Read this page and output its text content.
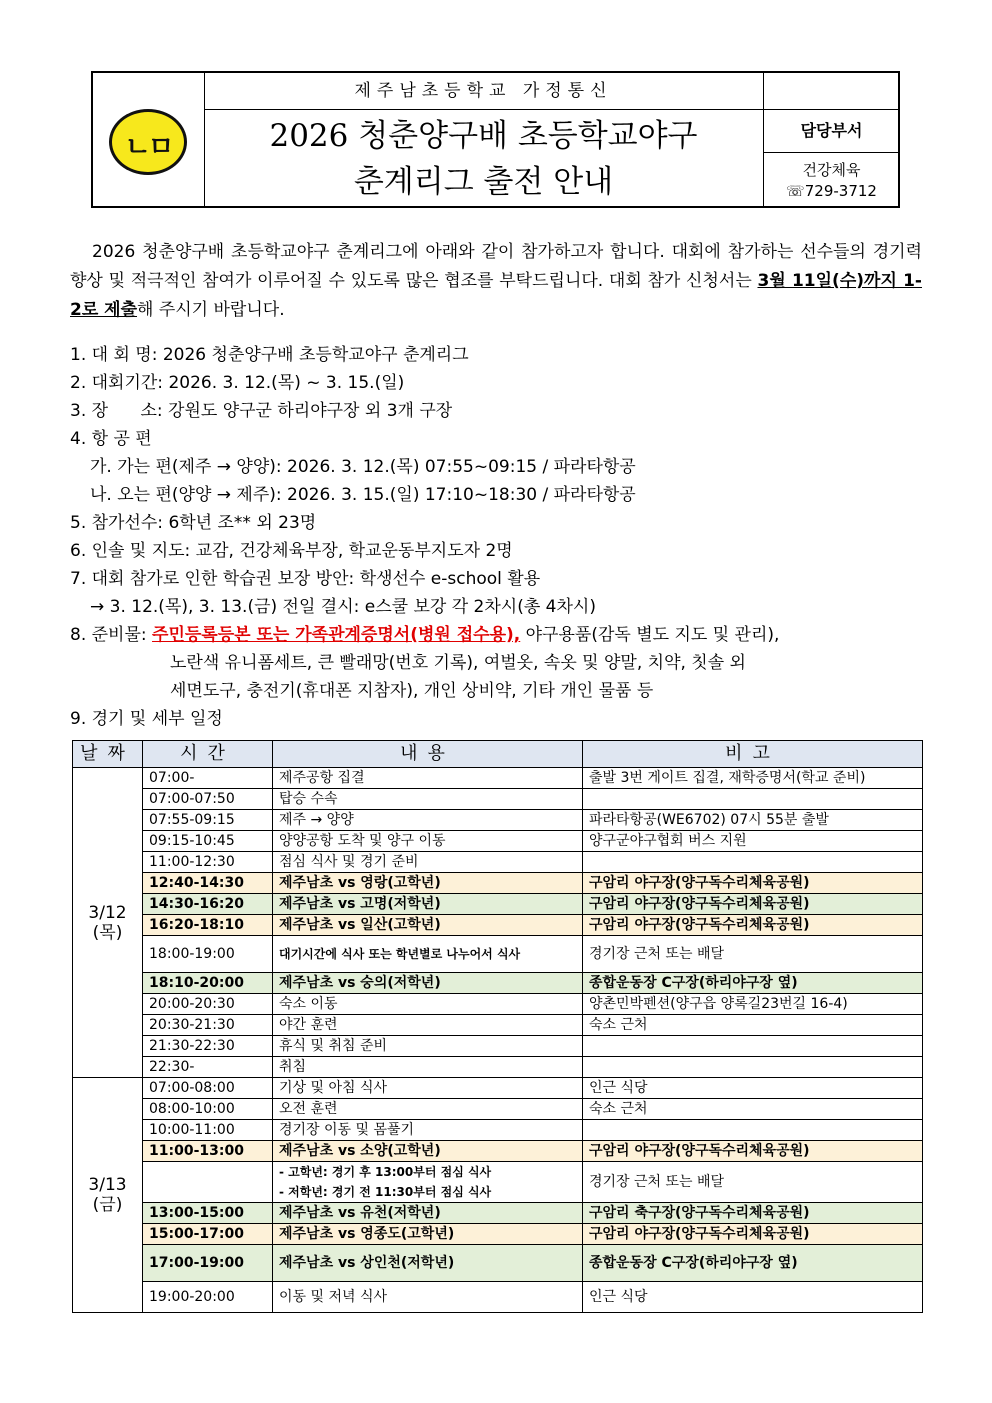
ㄴㅁ
제주남초등학교 가정통신
2026 청춘양구배 초등학교야구
춘계리그 출전 안내
담당부서
건강체육
☏729-3712
2026 청춘양구배 초등학교야구 춘계리그에 아래와 같이 참가하고자 합니다. 대회에 참가하는 선수들의 경기력 향상 및 적극적인 참여가 이루어질 수 있도록 많은 협조를 부탁드립니다. 대회 참가 신청서는 3월 11일(수)까지 1-2로 제출해 주시기 바랍니다.
1. 대 회 명: 2026 청춘양구배 초등학교야구 춘계리그
2. 대회기간: 2026. 3. 12.(목) ~ 3. 15.(일)
3. 장      소: 강원도 양구군 하리야구장 외 3개 구장
4. 항 공 편
가. 가는 편(제주 → 양양): 2026. 3. 12.(목) 07:55~09:15 / 파라타항공
나. 오는 편(양양 → 제주): 2026. 3. 15.(일) 17:10~18:30 / 파라타항공
5. 참가선수: 6학년 조** 외 23명
6. 인솔 및 지도: 교감, 건강체육부장, 학교운동부지도자 2명
7. 대회 참가로 인한 학습권 보장 방안: 학생선수 e-school 활용
→ 3. 12.(목), 3. 13.(금) 전일 결시: e스쿨 보강 각 2차시(총 4차시)
8. 준비물: 주민등록등본 또는 가족관계증명서(병원 접수용), 야구용품(감독 별도 지도 및 관리),
노란색 유니폼세트, 큰 빨래망(번호 기록), 여벌옷, 속옷 및 양말, 치약, 칫솔 외
세면도구, 충전기(휴대폰 지참자), 개인 상비약, 기타 개인 물품 등
9. 경기 및 세부 일정
날짜	시간	내용	비고
3/12
(목)	07:00-	제주공항 집결	출발 3번 게이트 집결, 재학증명서(학교 준비)
	07:00-07:50	탑승 수속	
	07:55-09:15	제주 → 양양	파라타항공(WE6702) 07시 55분 출발
	09:15-10:45	양양공항 도착 및 양구 이동	양구군야구협회 버스 지원
	11:00-12:30	점심 식사 및 경기 준비	
	12:40-14:30	제주남초 vs 영랑(고학년)	구암리 야구장(양구독수리체육공원)
	14:30-16:20	제주남초 vs 고명(저학년)	구암리 야구장(양구독수리체육공원)
	16:20-18:10	제주남초 vs 일산(고학년)	구암리 야구장(양구독수리체육공원)
	18:00-19:00	대기시간에 식사 또는 학년별로 나누어서 식사	경기장 근처 또는 배달
	18:10-20:00	제주남초 vs 숭의(저학년)	종합운동장 C구장(하리야구장 옆)
	20:00-20:30	숙소 이동	양촌민박펜션(양구읍 양록길23번길 16-4)
	20:30-21:30	야간 훈련	숙소 근처
	21:30-22:30	휴식 및 취침 준비	
	22:30-	취침	
3/13
(금)	07:00-08:00	기상 및 아침 식사	인근 식당
	08:00-10:00	오전 훈련	숙소 근처
	10:00-11:00	경기장 이동 및 몸풀기	
	11:00-13:00	제주남초 vs 소양(고학년)	구암리 야구장(양구독수리체육공원)

		- 고학년: 경기 후 13:00부터 점심 식사
- 저학년: 경기 전 11:30부터 점심 식사	경기장 근처 또는 배달
	13:00-15:00	제주남초 vs 유천(저학년)	구암리 축구장(양구독수리체육공원)
	15:00-17:00	제주남초 vs 영종도(고학년)	구암리 야구장(양구독수리체육공원)
	17:00-19:00	제주남초 vs 상인천(저학년)	종합운동장 C구장(하리야구장 옆)
	19:00-20:00	이동 및 저녁 식사	인근 식당
